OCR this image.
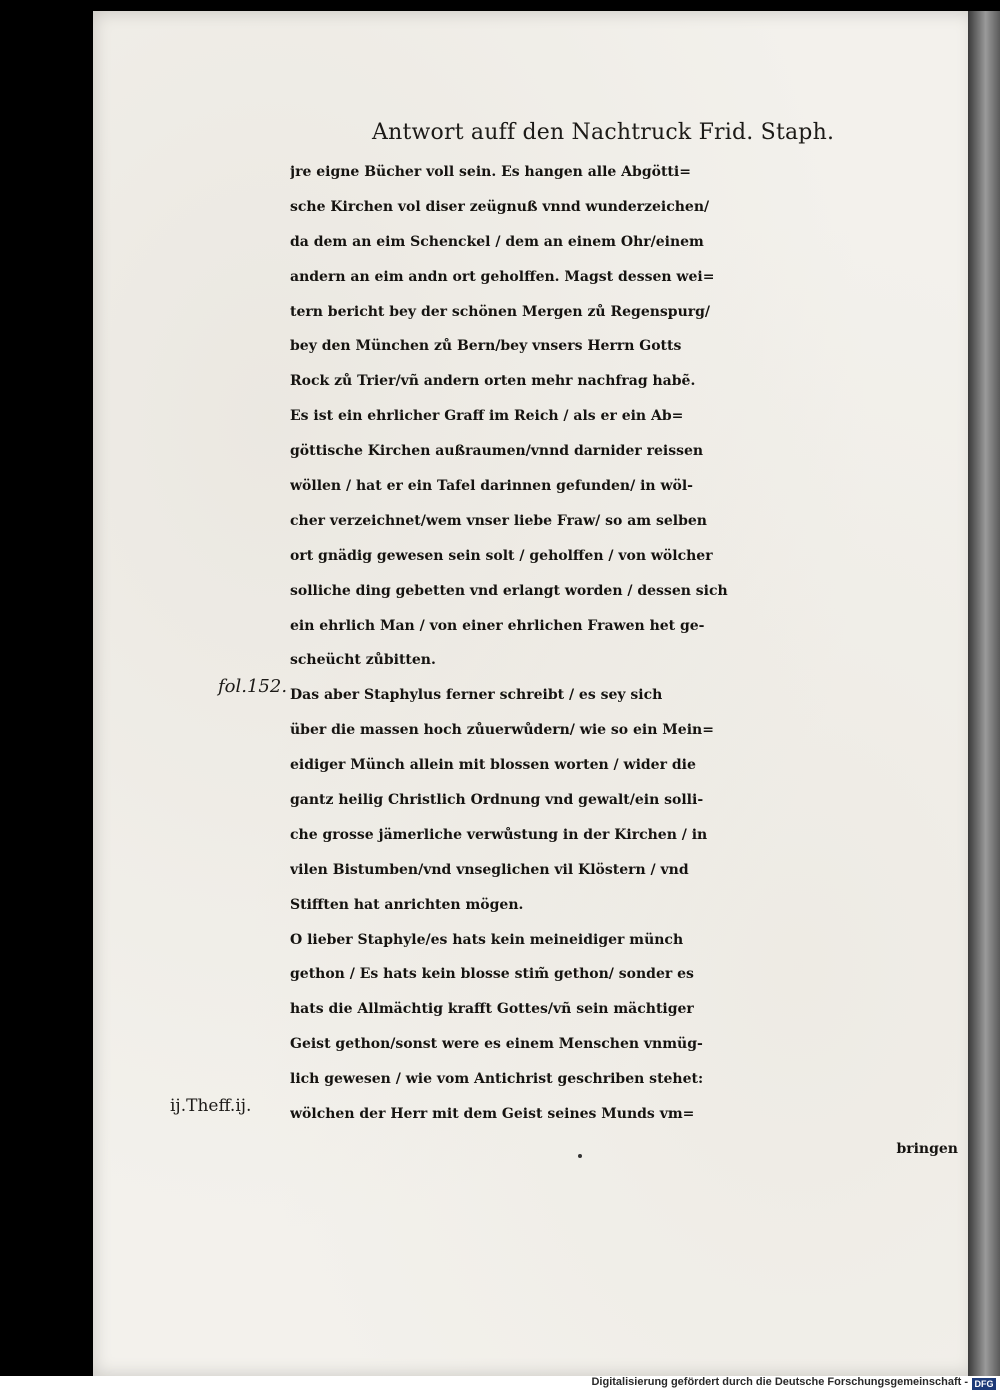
Antwort auff den Nachtruck Frid. Staph.
fol.152.
ij.Theff.ij.
jre eigne Bücher voll sein. Es hangen alle Abgötti=
sche Kirchen vol diser zeügnuß vnnd wunderzeichen/
da dem an eim Schenckel / dem an einem Ohr/einem
andern an eim andn ort geholffen. Magst dessen wei=
tern bericht bey der schönen Mergen zů Regenspurg/
bey den München zů Bern/bey vnsers Herrn Gotts
Rock zů Trier/vñ andern orten mehr nachfrag habẽ.
Es ist ein ehrlicher Graff im Reich / als er ein Ab=
göttische Kirchen außraumen/vnnd darnider reissen
wöllen / hat er ein Tafel darinnen gefunden/ in wöl-
cher verzeichnet/wem vnser liebe Fraw/ so am selben
ort gnädig gewesen sein solt / geholffen / von wölcher
solliche ding gebetten vnd erlangt worden / dessen sich
ein ehrlich Man / von einer ehrlichen Frawen het ge-
scheücht zůbitten.
Das aber Staphylus ferner schreibt / es sey sich
über die massen hoch zůuerwůdern/ wie so ein Mein=
eidiger Münch allein mit blossen worten / wider die
gantz heilig Christlich Ordnung vnd gewalt/ein solli-
che grosse jämerliche verwůstung in der Kirchen / in
vilen Bistumben/vnd vnseglichen vil Klöstern / vnd
Stifften hat anrichten mögen.
O lieber Staphyle/es hats kein meineidiger münch
gethon / Es hats kein blosse stim̃ gethon/ sonder es
hats die Allmächtig krafft Gottes/vñ sein mächtiger
Geist gethon/sonst were es einem Menschen vnmüg-
lich gewesen / wie vom Antichrist geschriben stehet:
wölchen der Herr mit dem Geist seines Munds vm=
bringen
Digitalisierung gefördert durch die Deutsche Forschungsgemeinschaft - DFG
